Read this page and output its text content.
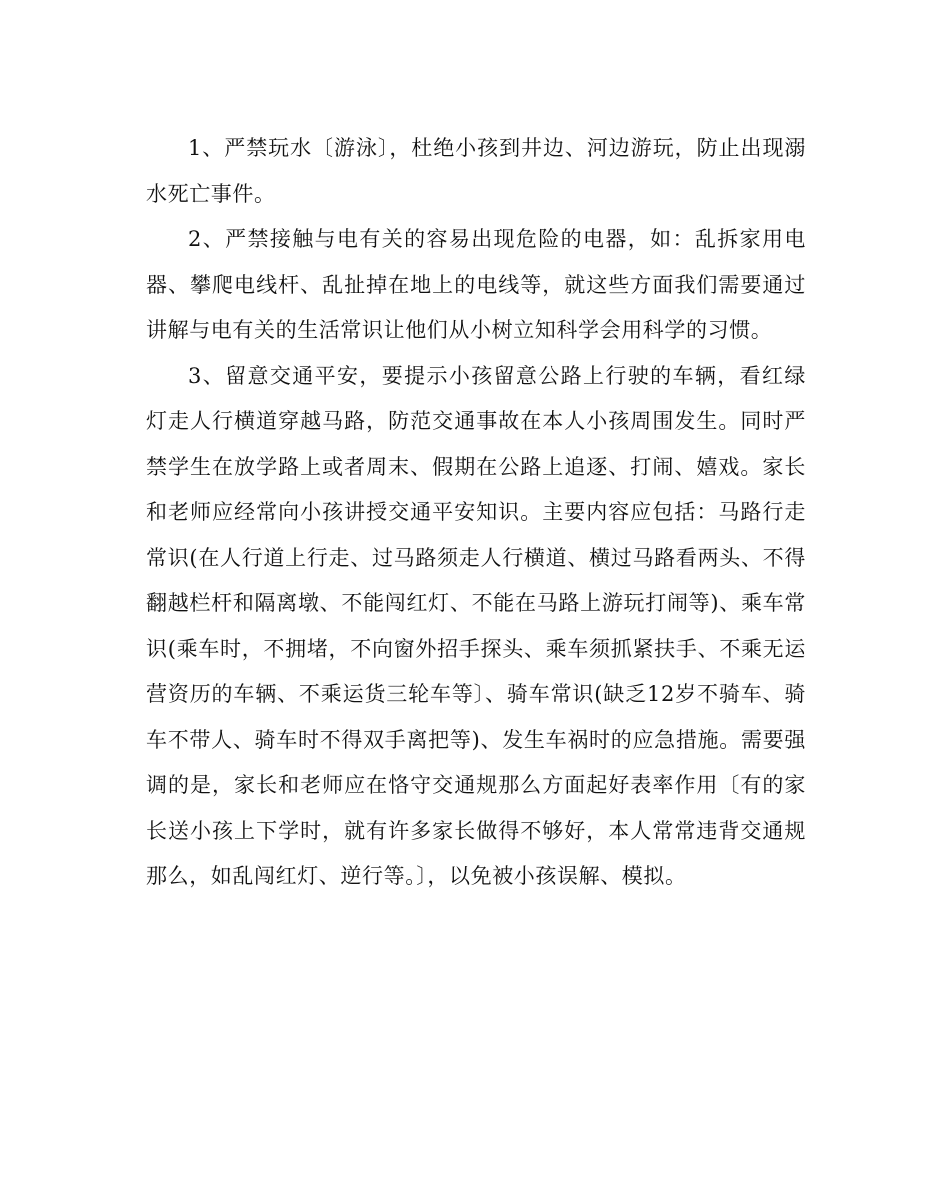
1、严禁玩水〔游泳〕，杜绝小孩到井边、河边游玩，防止出现溺水死亡事件。

2、严禁接触与电有关的容易出现危险的电器，如：乱拆家用电器、攀爬电线杆、乱扯掉在地上的电线等，就这些方面我们需要通过讲解与电有关的生活常识让他们从小树立知科学会用科学的习惯。

3、留意交通平安，要提示小孩留意公路上行驶的车辆，看红绿灯走人行横道穿越马路，防范交通事故在本人小孩周围发生。同时严禁学生在放学路上或者周末、假期在公路上追逐、打闹、嬉戏。家长和老师应经常向小孩讲授交通平安知识。主要内容应包括：马路行走常识(在人行道上行走、过马路须走人行横道、横过马路看两头、不得翻越栏杆和隔离墩、不能闯红灯、不能在马路上游玩打闹等)、乘车常识(乘车时，不拥堵，不向窗外招手探头、乘车须抓紧扶手、不乘无运营资历的车辆、不乘运货三轮车等〕、骑车常识(缺乏12岁不骑车、骑车不带人、骑车时不得双手离把等)、发生车祸时的应急措施。需要强调的是，家长和老师应在恪守交通规那么方面起好表率作用〔有的家长送小孩上下学时，就有许多家长做得不够好，本人常常违背交通规那么，如乱闯红灯、逆行等。〕，以免被小孩误解、模拟。
